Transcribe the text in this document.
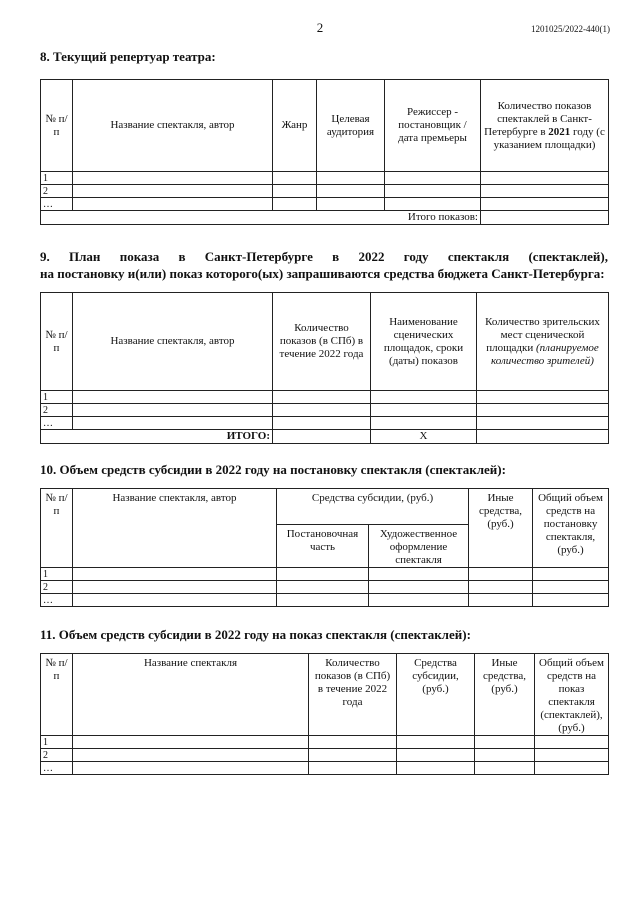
2	1201025/2022-440(1)
8. Текущий репертуар театра:
№ п/п	Название спектакля, автор	Жанр	Целевая аудитория	Режиссер - постановщик / дата премьеры	Количество показов спектаклей в Санкт- Петербурге в 2021 году (с указанием площадки)
1					
2					
…					
Итого показов:					
9. План показа в Санкт-Петербурге в 2022 году спектакля (спектаклей),
на постановку и(или) показ которого(ых) запрашиваются средства бюджета Санкт-Петербурга:
№ п/п	Название спектакля, автор	Количество показов (в СПб) в течение 2022 года	Наименование сценических площадок, сроки (даты) показов	Количество зрительских мест сценической площадки (планируемое количество зрителей)
1				
2				
…				
ИТОГО:			Х	
10. Объем средств субсидии в 2022 году на постановку спектакля (спектаклей):
№ п/п	Название спектакля, автор	Средства субсидии, (руб.)		Иные средства, (руб.)	Общий объем средств на постановку спектакля, (руб.)
		Постановочная часть	Художественное оформление спектакля		
1					
2					
…					
11. Объем средств субсидии в 2022 году на показ спектакля (спектаклей):
№ п/п	Название спектакля	Количество показов (в СПб) в течение 2022 года	Средства субсидии, (руб.)	Иные средства, (руб.)	Общий объем средств на показ спектакля (спектаклей), (руб.)
1					
2					
…					
